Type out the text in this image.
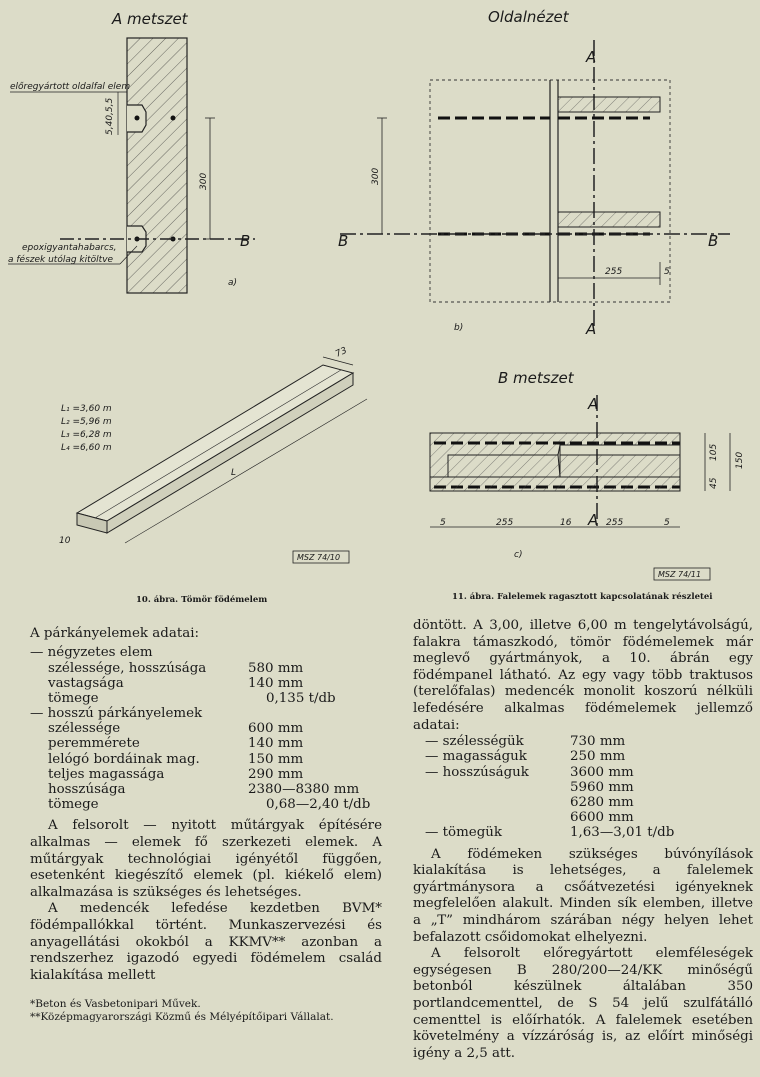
A metszet
előregyártott oldalfal elem
5,40,5,5
300
B
epoxigyantahabarcs,
a fészek utólag kitöltve
a)
Oldalnézet
A
A
B	B
300
255	5
b)
L₁ =3,60 m
L₂ =5,96 m
L₃ =6,28 m
L₄ =6,60 m
73
L
10
MSZ 74/10
10. ábra. Tömör födémelem
B metszet
A
A
105
45
150
5	255	16	255	5
c)
MSZ 74/11
11. ábra. Falelemek ragasztott kapcsolatának részletei

A párkányelemek adatai:

— négyzetes elem
szélessége, hosszúsága	580 mm
vastagsága	140 mm
tömege	0,135 t/db
— hosszú párkányelemek
szélessége	600 mm
peremmérete	140 mm
lelógó bordáinak mag.	150 mm
teljes magassága	290 mm
hosszúsága	2380—8380 mm
tömege	0,68—2,40 t/db

A felsorolt — nyitott műtárgyak építésére alkalmas — elemek fő szerkezeti elemek. A műtárgyak technológiai igényétől függően, esetenként kiegészítő elemek (pl. kiékelő elem) alkalmazása is szükséges és lehetséges.

A medencék lefedése kezdetben BVM* födémpallókkal történt. Munkaszervezési és anyagellátási okokból a KKMV** azonban a rendszerhez igazodó egyedi födémelem család kialakítása mellett

*Beton és Vasbetonipari Művek.
**Középmagyarországi Közmű és Mélyépítőipari Vállalat.

döntött. A 3,00, illetve 6,00 m tengelytávolságú, falakra támaszkodó, tömör födémelemek már meglevő gyártmányok, a 10. ábrán egy födémpanel látható. Az egy vagy több traktusos (terelőfalas) medencék monolit koszorú nélküli lefedésére alkalmas födémelemek jellemző adatai:

— szélességük	730 mm
— magasságuk	250 mm
— hosszúságuk	3600 mm
5960 mm
6280 mm
6600 mm
— tömegük	1,63—3,01 t/db

A födémeken szükséges búvónyílások kialakítása is lehetséges, a falelemek gyártmánysora a csőátvezetési igényeknek megfelelően alakult. Minden sík elemben, illetve a „T” mindhárom szárában négy helyen lehet befalazott csőidomokat elhelyezni.

A felsorolt előregyártott elemféleségek egységesen B 280/200—24/KK minőségű betonból készülnek általában 350 portlandcementtel, de S 54 jelű szulfátálló cementtel is előírhatók. A falelemek esetében követelmény a vízzáróság is, az előírt minőségi igény a 2,5 att.
